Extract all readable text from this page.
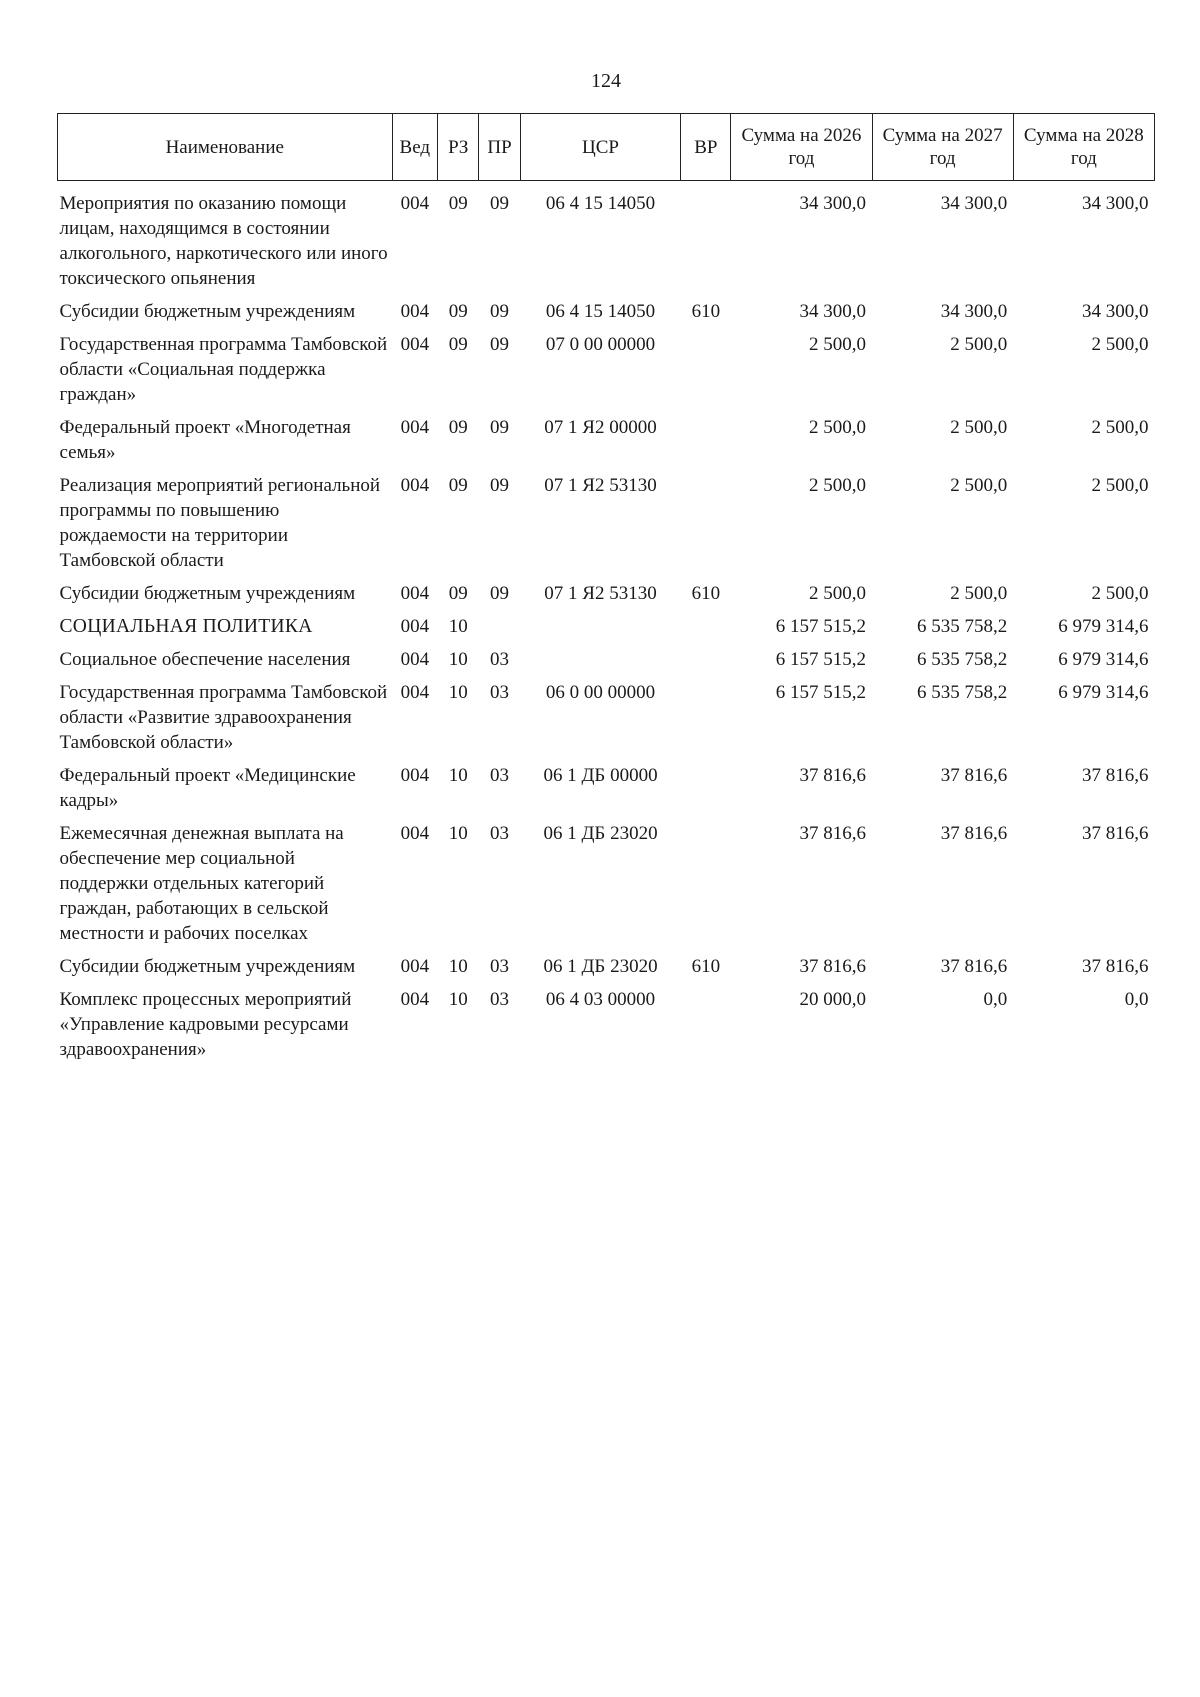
124
Наименование	Вед	РЗ	ПР	ЦСР	ВР	Сумма на 2026 год	Сумма на 2027 год	Сумма на 2028 год
Мероприятия по оказанию помощи лицам, находящимся в состоянии алкогольного, наркотического или иного токсического опьянения	004	09	09	06 4 15 14050		34 300,0	34 300,0	34 300,0
Субсидии бюджетным учреждениям	004	09	09	06 4 15 14050	610	34 300,0	34 300,0	34 300,0
Государственная программа Тамбовской области «Социальная поддержка граждан»	004	09	09	07 0 00 00000		2 500,0	2 500,0	2 500,0
Федеральный проект «Многодетная семья»	004	09	09	07 1 Я2 00000		2 500,0	2 500,0	2 500,0
Реализация мероприятий региональной программы по повышению рождаемости на территории Тамбовской области	004	09	09	07 1 Я2 53130		2 500,0	2 500,0	2 500,0
Субсидии бюджетным учреждениям	004	09	09	07 1 Я2 53130	610	2 500,0	2 500,0	2 500,0
СОЦИАЛЬНАЯ ПОЛИТИКА	004	10				6 157 515,2	6 535 758,2	6 979 314,6
Социальное обеспечение населения	004	10	03			6 157 515,2	6 535 758,2	6 979 314,6
Государственная программа Тамбовской области «Развитие здравоохранения Тамбовской области»	004	10	03	06 0 00 00000		6 157 515,2	6 535 758,2	6 979 314,6
Федеральный проект «Медицинские кадры»	004	10	03	06 1 ДБ 00000		37 816,6	37 816,6	37 816,6
Ежемесячная денежная выплата на обеспечение мер социальной поддержки отдельных категорий граждан, работающих в сельской местности и рабочих поселках	004	10	03	06 1 ДБ 23020		37 816,6	37 816,6	37 816,6
Субсидии бюджетным учреждениям	004	10	03	06 1 ДБ 23020	610	37 816,6	37 816,6	37 816,6
Комплекс процессных мероприятий «Управление кадровыми ресурсами здравоохранения»	004	10	03	06 4 03 00000		20 000,0	0,0	0,0
